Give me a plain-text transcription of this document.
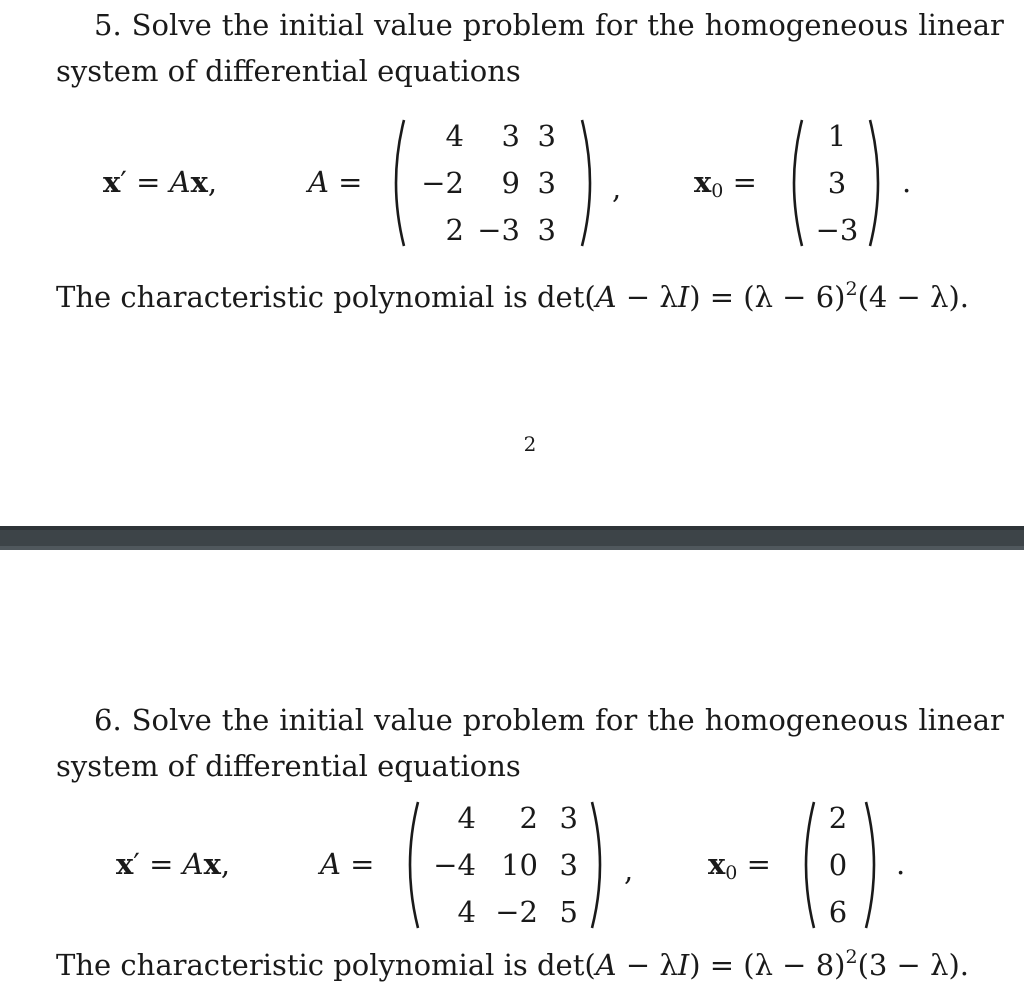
5. Solve the initial value problem for the homogeneous linear
system of differential equations
x′ = Ax,	A =
4	3 3
−2	9 3
2 −3 3
,	$x_0$ =
1
3
−3
.
The characteristic polynomial is $\det(A - \lambda I) = (\lambda - 6)^2(4 - \lambda)$.
2
6. Solve the initial value problem for the homogeneous linear
system of differential equations
x′ = Ax,	A =
4	2 3
−4 10 3
4 −2 5
,	$x_0$ =
2
0
6
.
The characteristic polynomial is $\det(A - \lambda I) = (\lambda - 8)^2(3 - \lambda)$.
